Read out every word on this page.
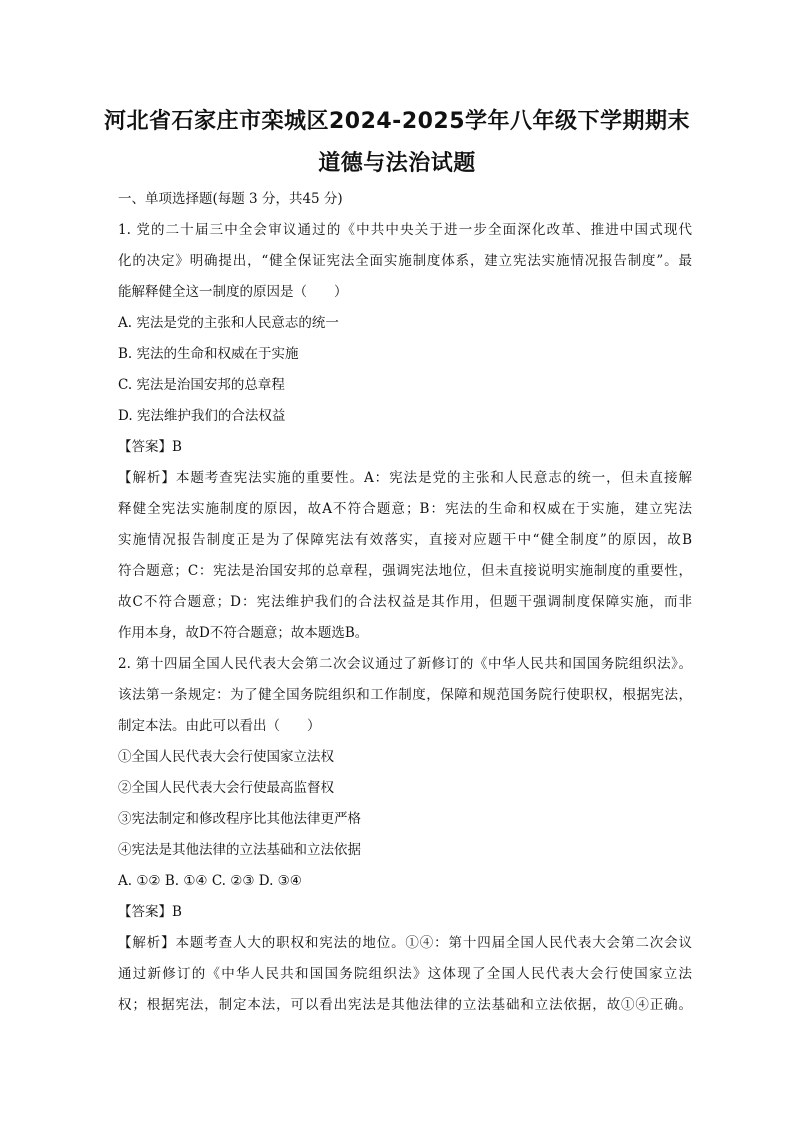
河北省石家庄市栾城区2024-2025学年八年级下学期期末
道德与法治试题
一、单项选择题(每题 3 分，共45 分)
1. 党的二十届三中全会审议通过的《中共中央关于进一步全面深化改革、推进中国式现代
化的决定》明确提出，“健全保证宪法全面实施制度体系，建立宪法实施情况报告制度”。最
能解释健全这一制度的原因是（　　）
A. 宪法是党的主张和人民意志的统一
B. 宪法的生命和权威在于实施
C. 宪法是治国安邦的总章程
D. 宪法维护我们的合法权益
【答案】B
【解析】本题考查宪法实施的重要性。A：宪法是党的主张和人民意志的统一，但未直接解
释健全宪法实施制度的原因，故A不符合题意；B：宪法的生命和权威在于实施，建立宪法
实施情况报告制度正是为了保障宪法有效落实，直接对应题干中“健全制度”的原因，故B
符合题意；C：宪法是治国安邦的总章程，强调宪法地位，但未直接说明实施制度的重要性，
故C不符合题意；D：宪法维护我们的合法权益是其作用，但题干强调制度保障实施，而非
作用本身，故D不符合题意；故本题选B。
2. 第十四届全国人民代表大会第二次会议通过了新修订的《中华人民共和国国务院组织法》。
该法第一条规定：为了健全国务院组织和工作制度，保障和规范国务院行使职权，根据宪法，
制定本法。由此可以看出（　　）
①全国人民代表大会行使国家立法权
②全国人民代表大会行使最高监督权
③宪法制定和修改程序比其他法律更严格
④宪法是其他法律的立法基础和立法依据
A. ①② B. ①④ C. ②③ D. ③④
【答案】B
【解析】本题考查人大的职权和宪法的地位。①④：第十四届全国人民代表大会第二次会议
通过新修订的《中华人民共和国国务院组织法》这体现了全国人民代表大会行使国家立法
权；根据宪法，制定本法，可以看出宪法是其他法律的立法基础和立法依据，故①④正确。
